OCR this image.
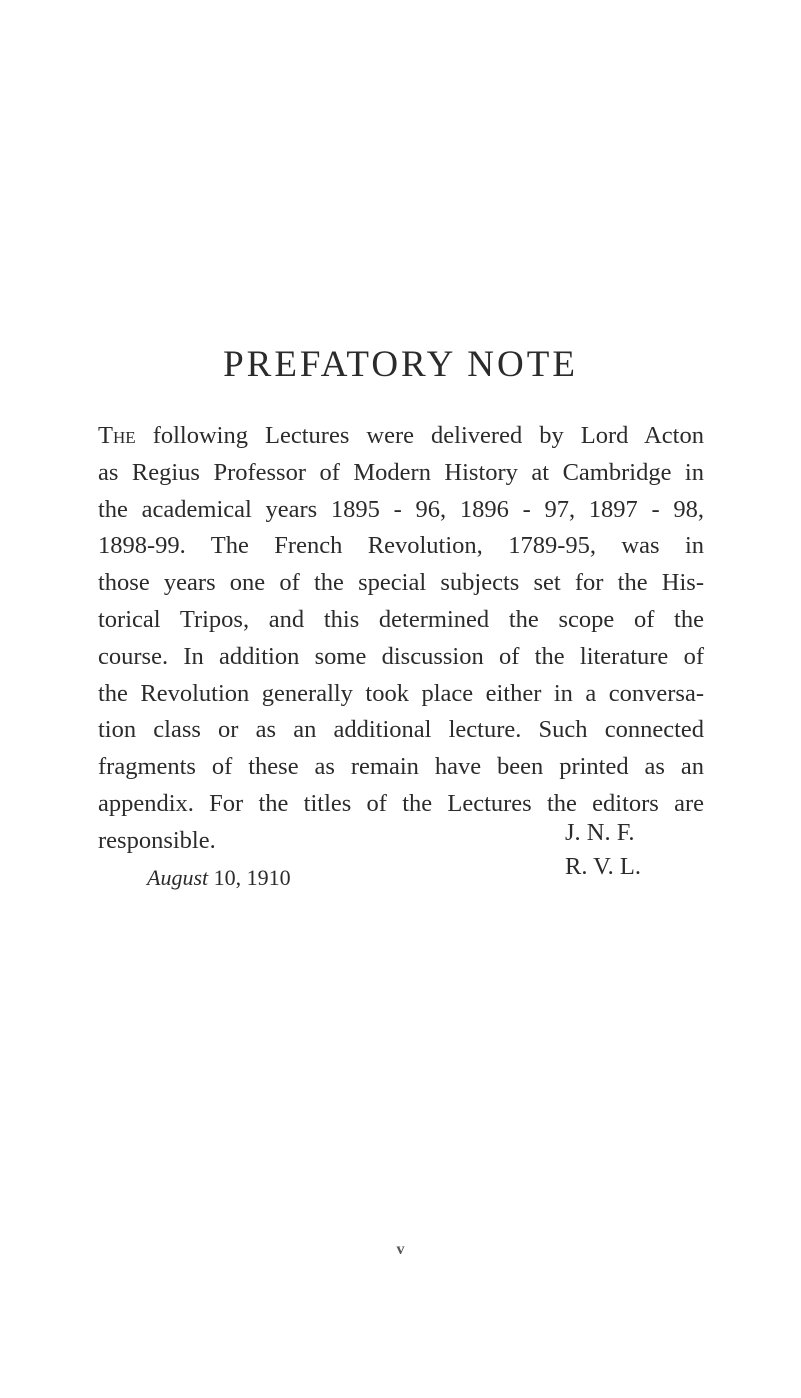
PREFATORY NOTE
The following Lectures were delivered by Lord Acton
as Regius Professor of Modern History at Cambridge in
the academical years 1895 - 96, 1896 - 97, 1897 - 98,
1898-99. The French Revolution, 1789-95, was in
those years one of the special subjects set for the His-
torical Tripos, and this determined the scope of the
course. In addition some discussion of the literature of
the Revolution generally took place either in a conversa-
tion class or as an additional lecture. Such connected
fragments of these as remain have been printed as an
appendix. For the titles of the Lectures the editors are
responsible.	J. N. F.
R. V. L.
August 10, 1910
v
